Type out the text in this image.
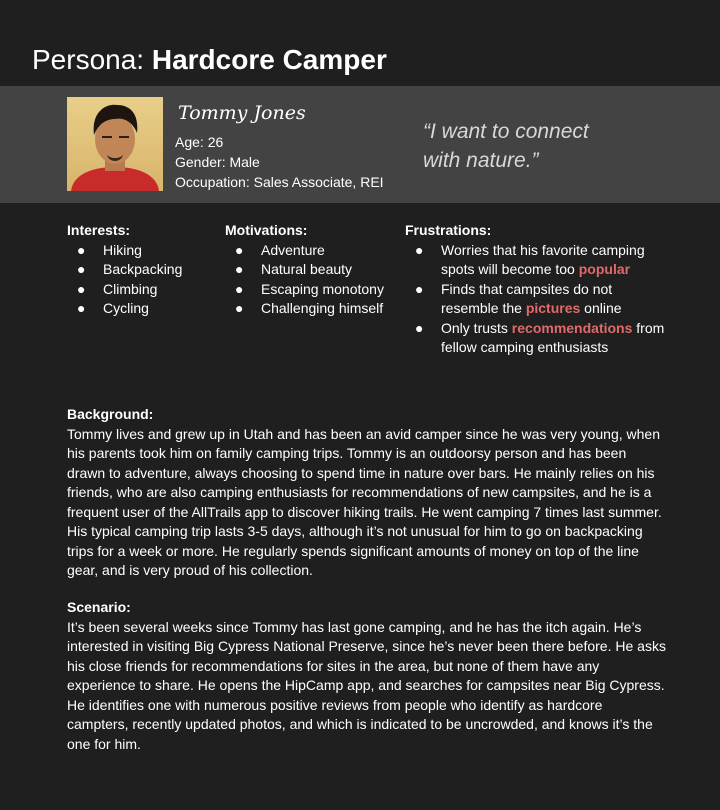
Persona: Hardcore Camper
Tommy Jones
Age: 26
Gender: Male
Occupation: Sales Associate, REI
“I want to connect
with nature.”
Interests:
● Hiking
● Backpacking
● Climbing
● Cycling
Motivations:
● Adventure
● Natural beauty
● Escaping monotony
● Challenging himself
Frustrations:
● Worries that his favorite camping spots will become too popular
● Finds that campsites do not resemble the pictures online
● Only trusts recommendations from fellow camping enthusiasts
Background:

Tommy lives and grew up in Utah and has been an avid camper since he was very young, when his parents took him on family camping trips. Tommy is an outdoorsy person and has been drawn to adventure, always choosing to spend time in nature over bars. He mainly relies on his friends, who are also camping enthusiasts for recommendations of new campsites, and he is a frequent user of the AllTrails app to discover hiking trails. He went camping 7 times last summer. His typical camping trip lasts 3-5 days, although it’s not unusual for him to go on backpacking trips for a week or more. He regularly spends significant amounts of money on top of the line gear, and is very proud of his collection.

Scenario:

It’s been several weeks since Tommy has last gone camping, and he has the itch again. He’s interested in visiting Big Cypress National Preserve, since he’s never been there before. He asks his close friends for recommendations for sites in the area, but none of them have any experience to share. He opens the HipCamp app, and searches for campsites near Big Cypress. He identifies one with numerous positive reviews from people who identify as hardcore campters, recently updated photos, and which is indicated to be uncrowded, and knows it’s the one for him.
